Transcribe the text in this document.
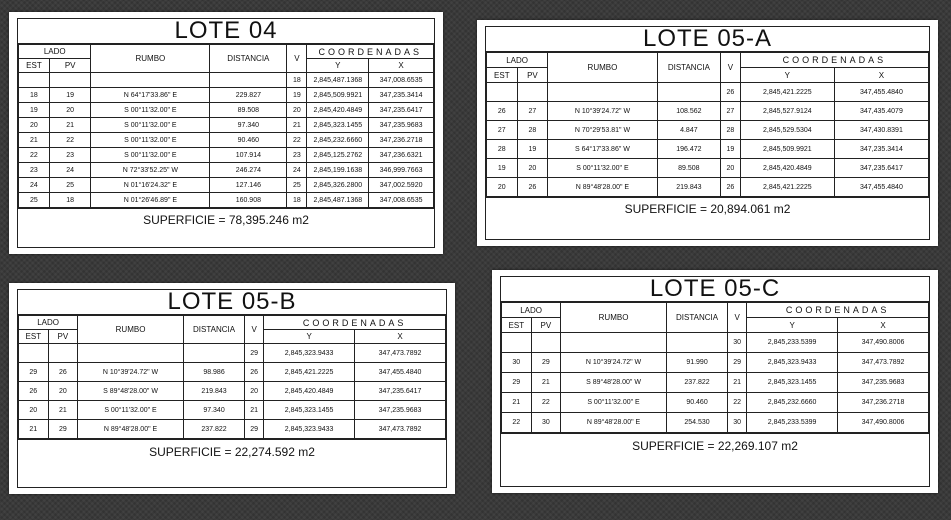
LOTE 04
LADO		RUMBO	DISTANCIA	V	COORDENADAS	
EST	PV				Y	X
				18	2,845,487.1368	347,008.6535
18	19	N 64°17'33.86" E	229.827	19	2,845,509.9921	347,235.3414
19	20	S 00°11'32.00" E	89.508	20	2,845,420.4849	347,235.6417
20	21	S 00°11'32.00" E	97.340	21	2,845,323.1455	347,235.9683
21	22	S 00°11'32.00" E	90.460	22	2,845,232.6660	347,236.2718
22	23	S 00°11'32.00" E	107.914	23	2,845,125.2762	347,236.6321
23	24	N 72°33'52.25" W	246.274	24	2,845,199.1638	346,999.7663
24	25	N 01°16'24.32" E	127.146	25	2,845,326.2800	347,002.5920
25	18	N 01°26'46.89" E	160.908	18	2,845,487.1368	347,008.6535
SUPERFICIE = 78,395.246 m2
LOTE 05-A
LADO		RUMBO	DISTANCIA	V	COORDENADAS	
EST	PV				Y	X
				26	2,845,421.2225	347,455.4840
26	27	N 10°39'24.72" W	108.562	27	2,845,527.9124	347,435.4079
27	28	N 70°29'53.81" W	4.847	28	2,845,529.5304	347,430.8391
28	19	S 64°17'33.86" W	196.472	19	2,845,509.9921	347,235.3414
19	20	S 00°11'32.00" E	89.508	20	2,845,420.4849	347,235.6417
20	26	N 89°48'28.00" E	219.843	26	2,845,421.2225	347,455.4840
SUPERFICIE = 20,894.061 m2
LOTE 05-B
LADO		RUMBO	DISTANCIA	V	COORDENADAS	
EST	PV				Y	X
				29	2,845,323.9433	347,473.7892
29	26	N 10°39'24.72" W	98.986	26	2,845,421.2225	347,455.4840
26	20	S 89°48'28.00" W	219.843	20	2,845,420.4849	347,235.6417
20	21	S 00°11'32.00" E	97.340	21	2,845,323.1455	347,235.9683
21	29	N 89°48'28.00" E	237.822	29	2,845,323.9433	347,473.7892
SUPERFICIE = 22,274.592 m2
LOTE 05-C
LADO		RUMBO	DISTANCIA	V	COORDENADAS	
EST	PV				Y	X
				30	2,845,233.5399	347,490.8006
30	29	N 10°39'24.72" W	91.990	29	2,845,323.9433	347,473.7892
29	21	S 89°48'28.00" W	237.822	21	2,845,323.1455	347,235.9683
21	22	S 00°11'32.00" E	90.460	22	2,845,232.6660	347,236.2718
22	30	N 89°48'28.00" E	254.530	30	2,845,233.5399	347,490.8006
SUPERFICIE = 22,269.107 m2
